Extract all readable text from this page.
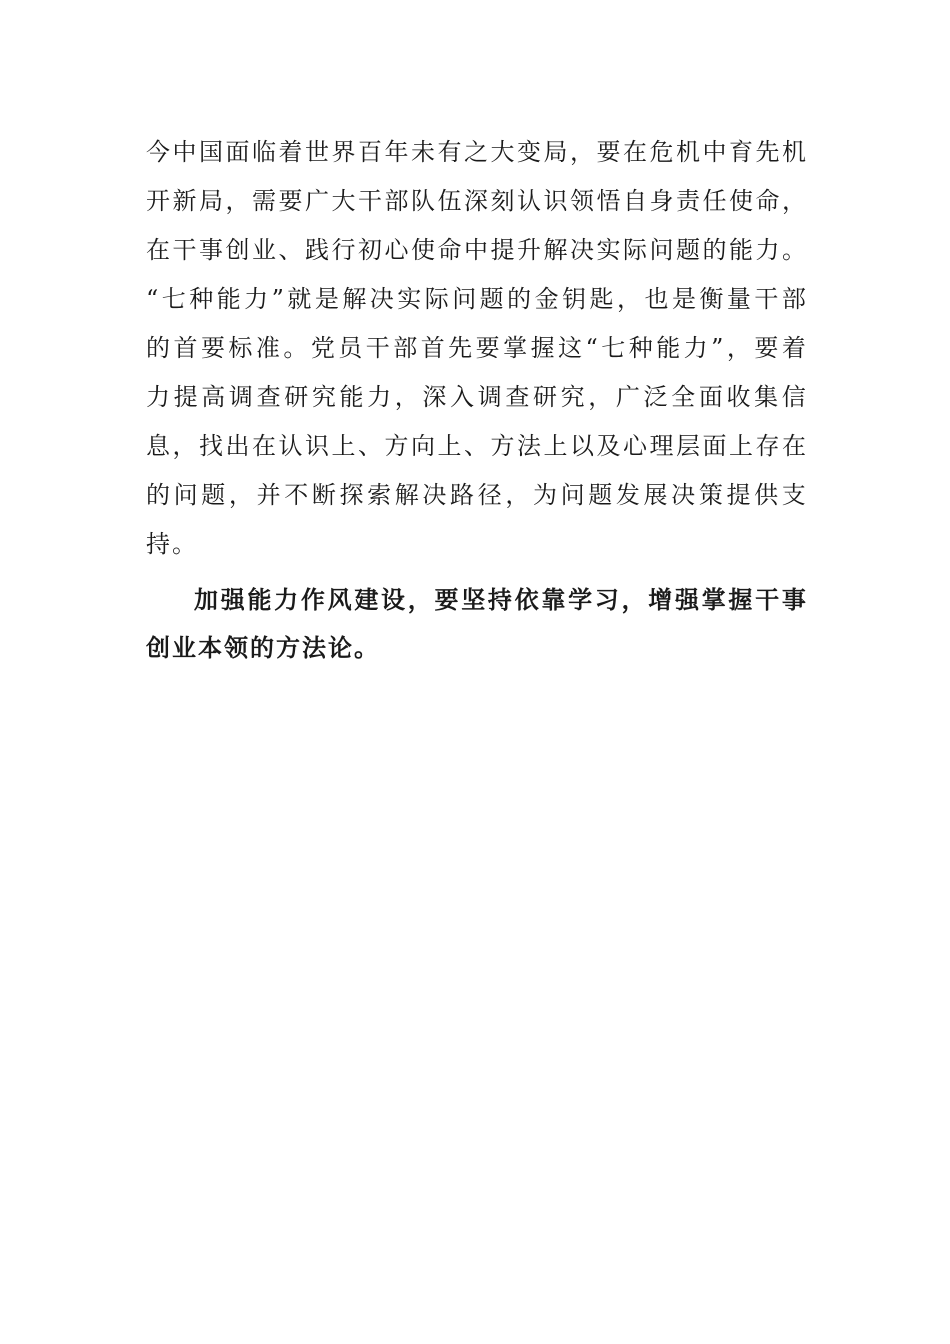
今 中 国 面 临 着 世 界 百 年 未 有 之 大 变 局 ， 要 在 危 机 中 育 先 机
开 新 局 ， 需 要 广 大 干 部 队 伍 深 刻 认 识 领 悟 自 身 责 任 使 命 ，
在 干 事 创 业 、 践 行 初 心 使 命 中 提 升 解 决 实 际 问 题 的 能 力 。
“ 七 种 能 力 ” 就 是 解 决 实 际 问 题 的 金 钥 匙 ， 也 是 衡 量 干 部
的 首 要 标 准 。 党 员 干 部 首 先 要 掌 握 这 “ 七 种 能 力 ” ， 要 着
力 提 高 调 查 研 究 能 力 ， 深 入 调 查 研 究 ， 广 泛 全 面 收 集 信
息 ， 找 出 在 认 识 上 、 方 向 上 、 方 法 上 以 及 心 理 层 面 上 存 在
的 问 题 ， 并 不 断 探 索 解 决 路 径 ， 为 问 题 发 展 决 策 提 供 支
持。
加 强 能 力 作 风 建 设 ， 要 坚 持 依 靠 学 习 ， 增 强 掌 握 干 事
创业本领的方法论。
